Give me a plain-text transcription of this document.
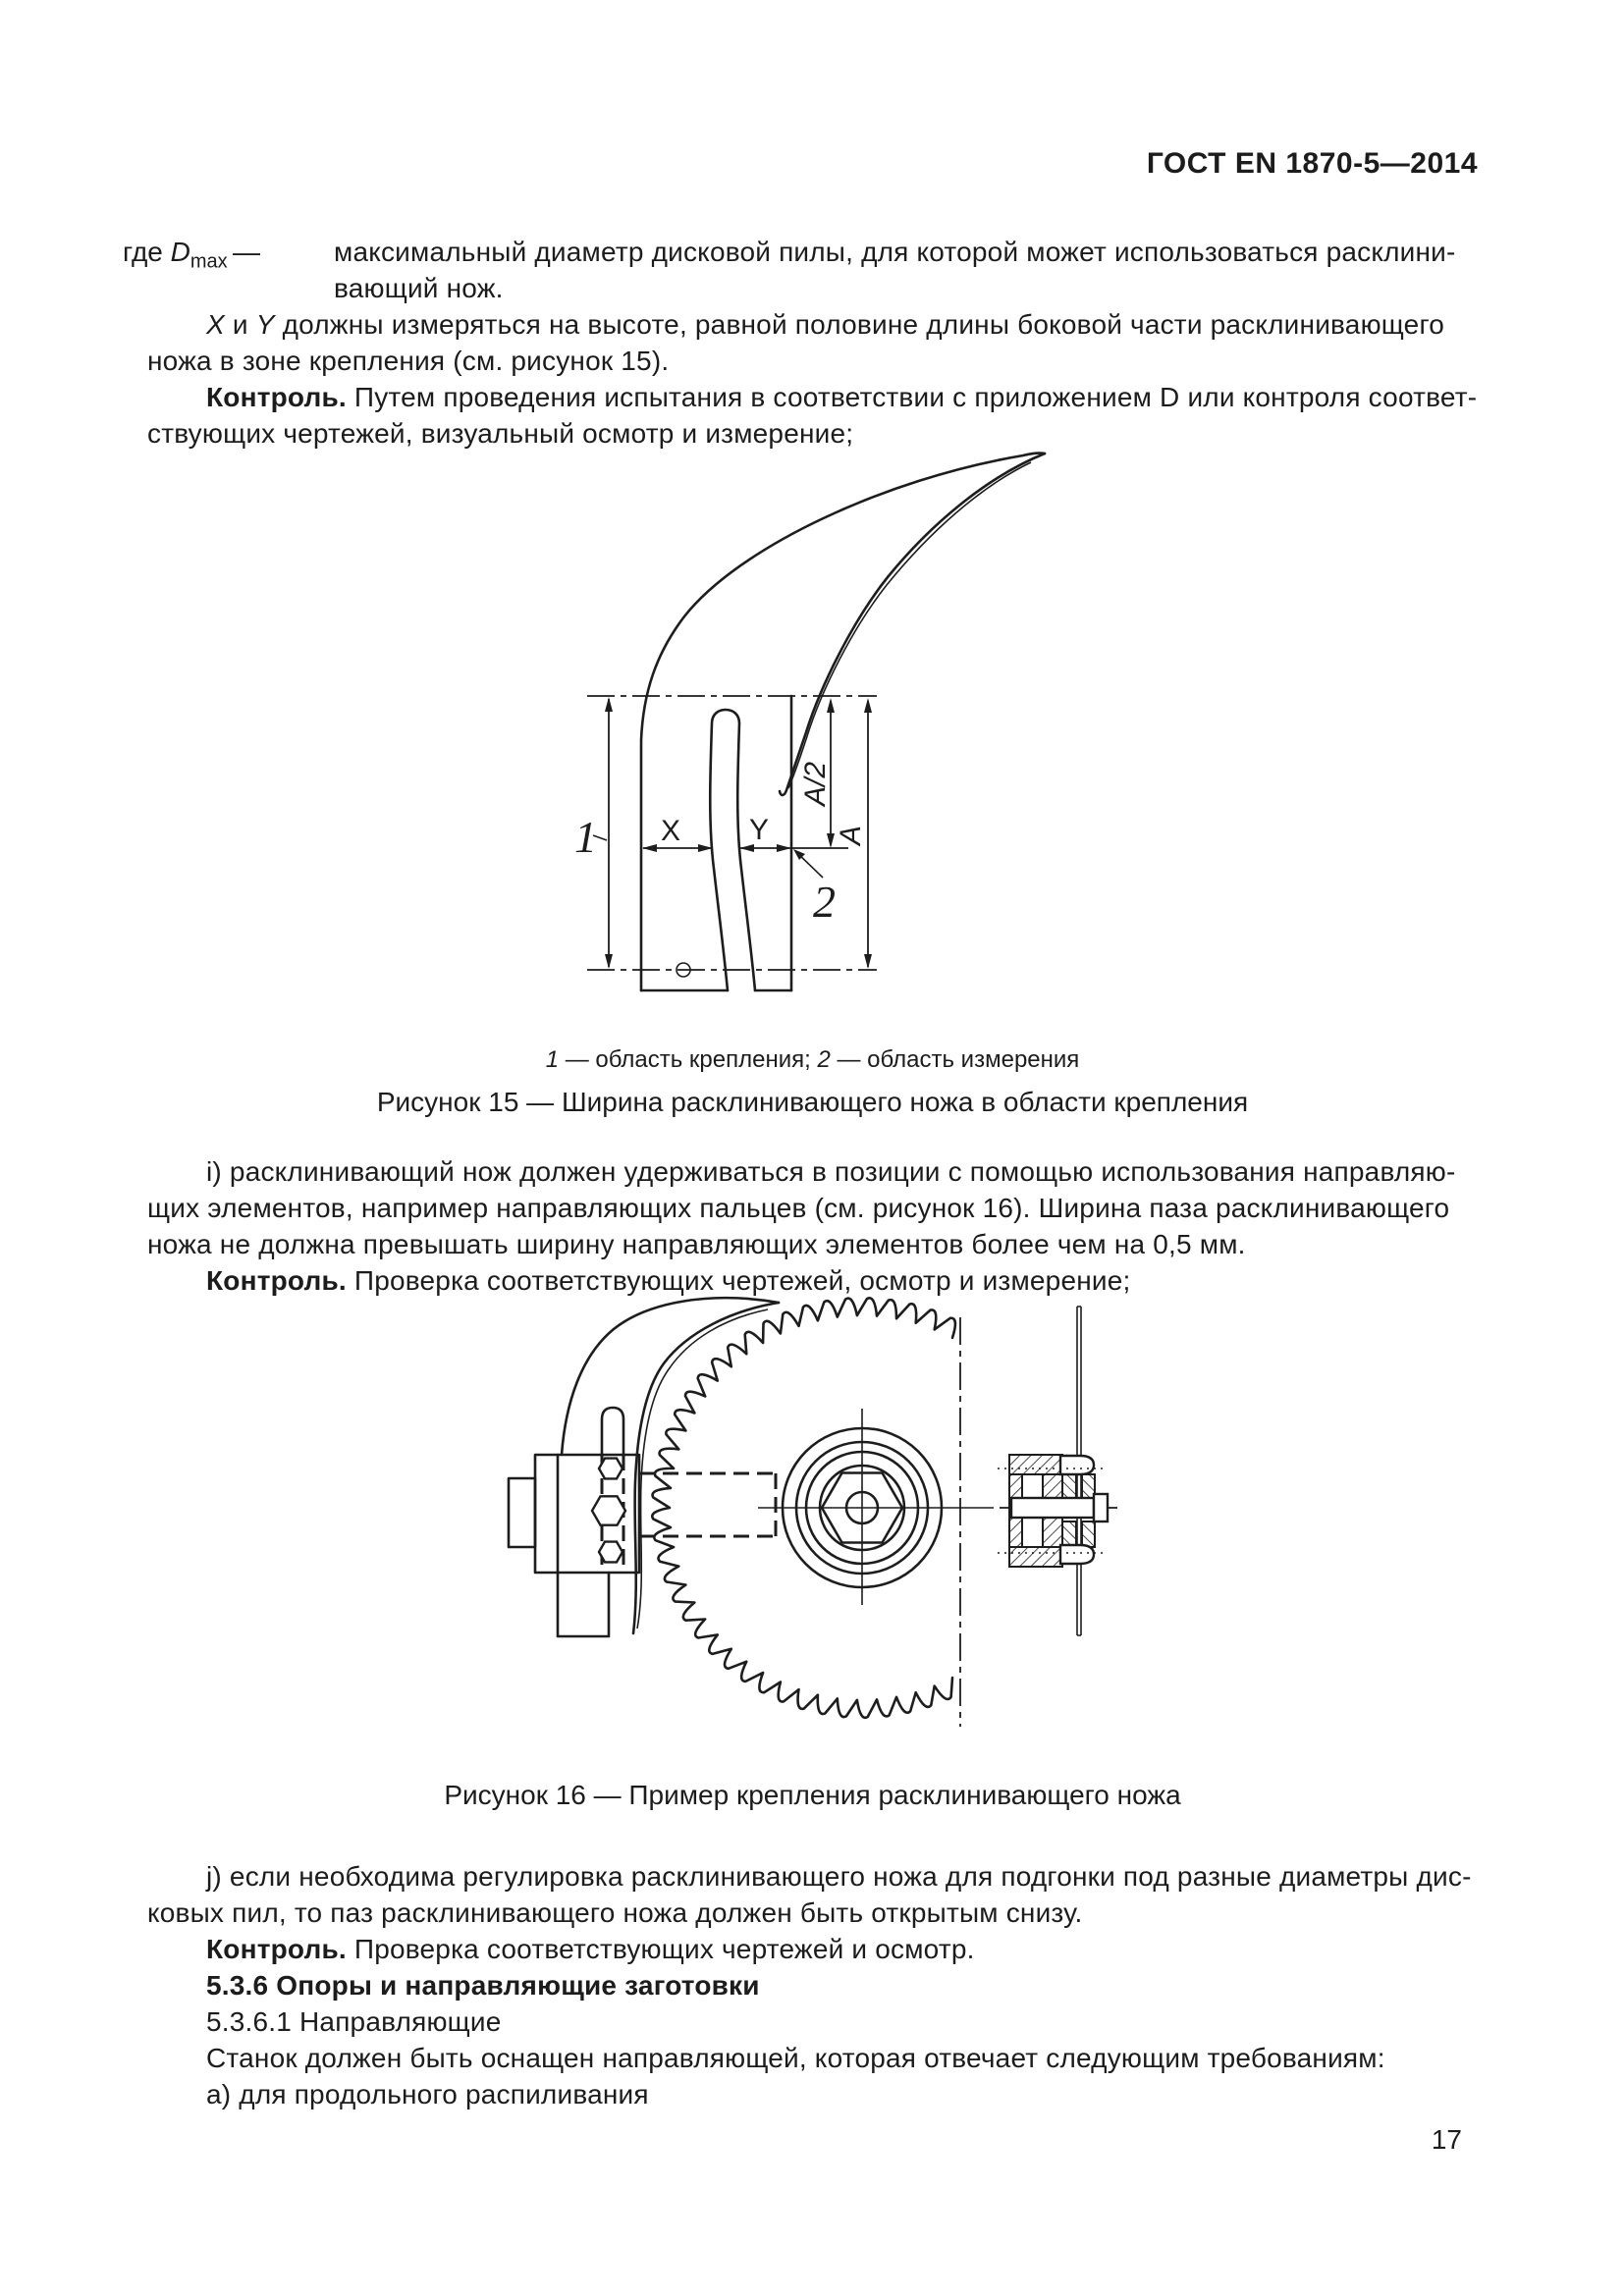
ГОСТ EN 1870-5—2014
где $D_{max}$ —	максимальный диаметр дисковой пилы, для которой может использоваться расклини-
вающий нож.
X и Y должны измеряться на высоте, равной половине длины боковой части расклинивающего
ножа в зоне крепления (см. рисунок 15).
Контроль. Путем проведения испытания в соответствии с приложением D или контроля соответ-
ствующих чертежей, визуальный осмотр и измерение;
1 X Y
A/2
A
2
1 — область крепления; 2 — область измерения
Рисунок 15 — Ширина расклинивающего ножа в области крепления
i) расклинивающий нож должен удерживаться в позиции с помощью использования направляю-
щих элементов, например направляющих пальцев (см. рисунок 16). Ширина паза расклинивающего
ножа не должна превышать ширину направляющих элементов более чем на 0,5 мм.
Контроль. Проверка соответствующих чертежей, осмотр и измерение;
Рисунок 16 — Пример крепления расклинивающего ножа
j) если необходима регулировка расклинивающего ножа для подгонки под разные диаметры дис-
ковых пил, то паз расклинивающего ножа должен быть открытым снизу.
Контроль. Проверка соответствующих чертежей и осмотр.
5.3.6 Опоры и направляющие заготовки
5.3.6.1 Направляющие
Станок должен быть оснащен направляющей, которая отвечает следующим требованиям:
а) для продольного распиливания
17
